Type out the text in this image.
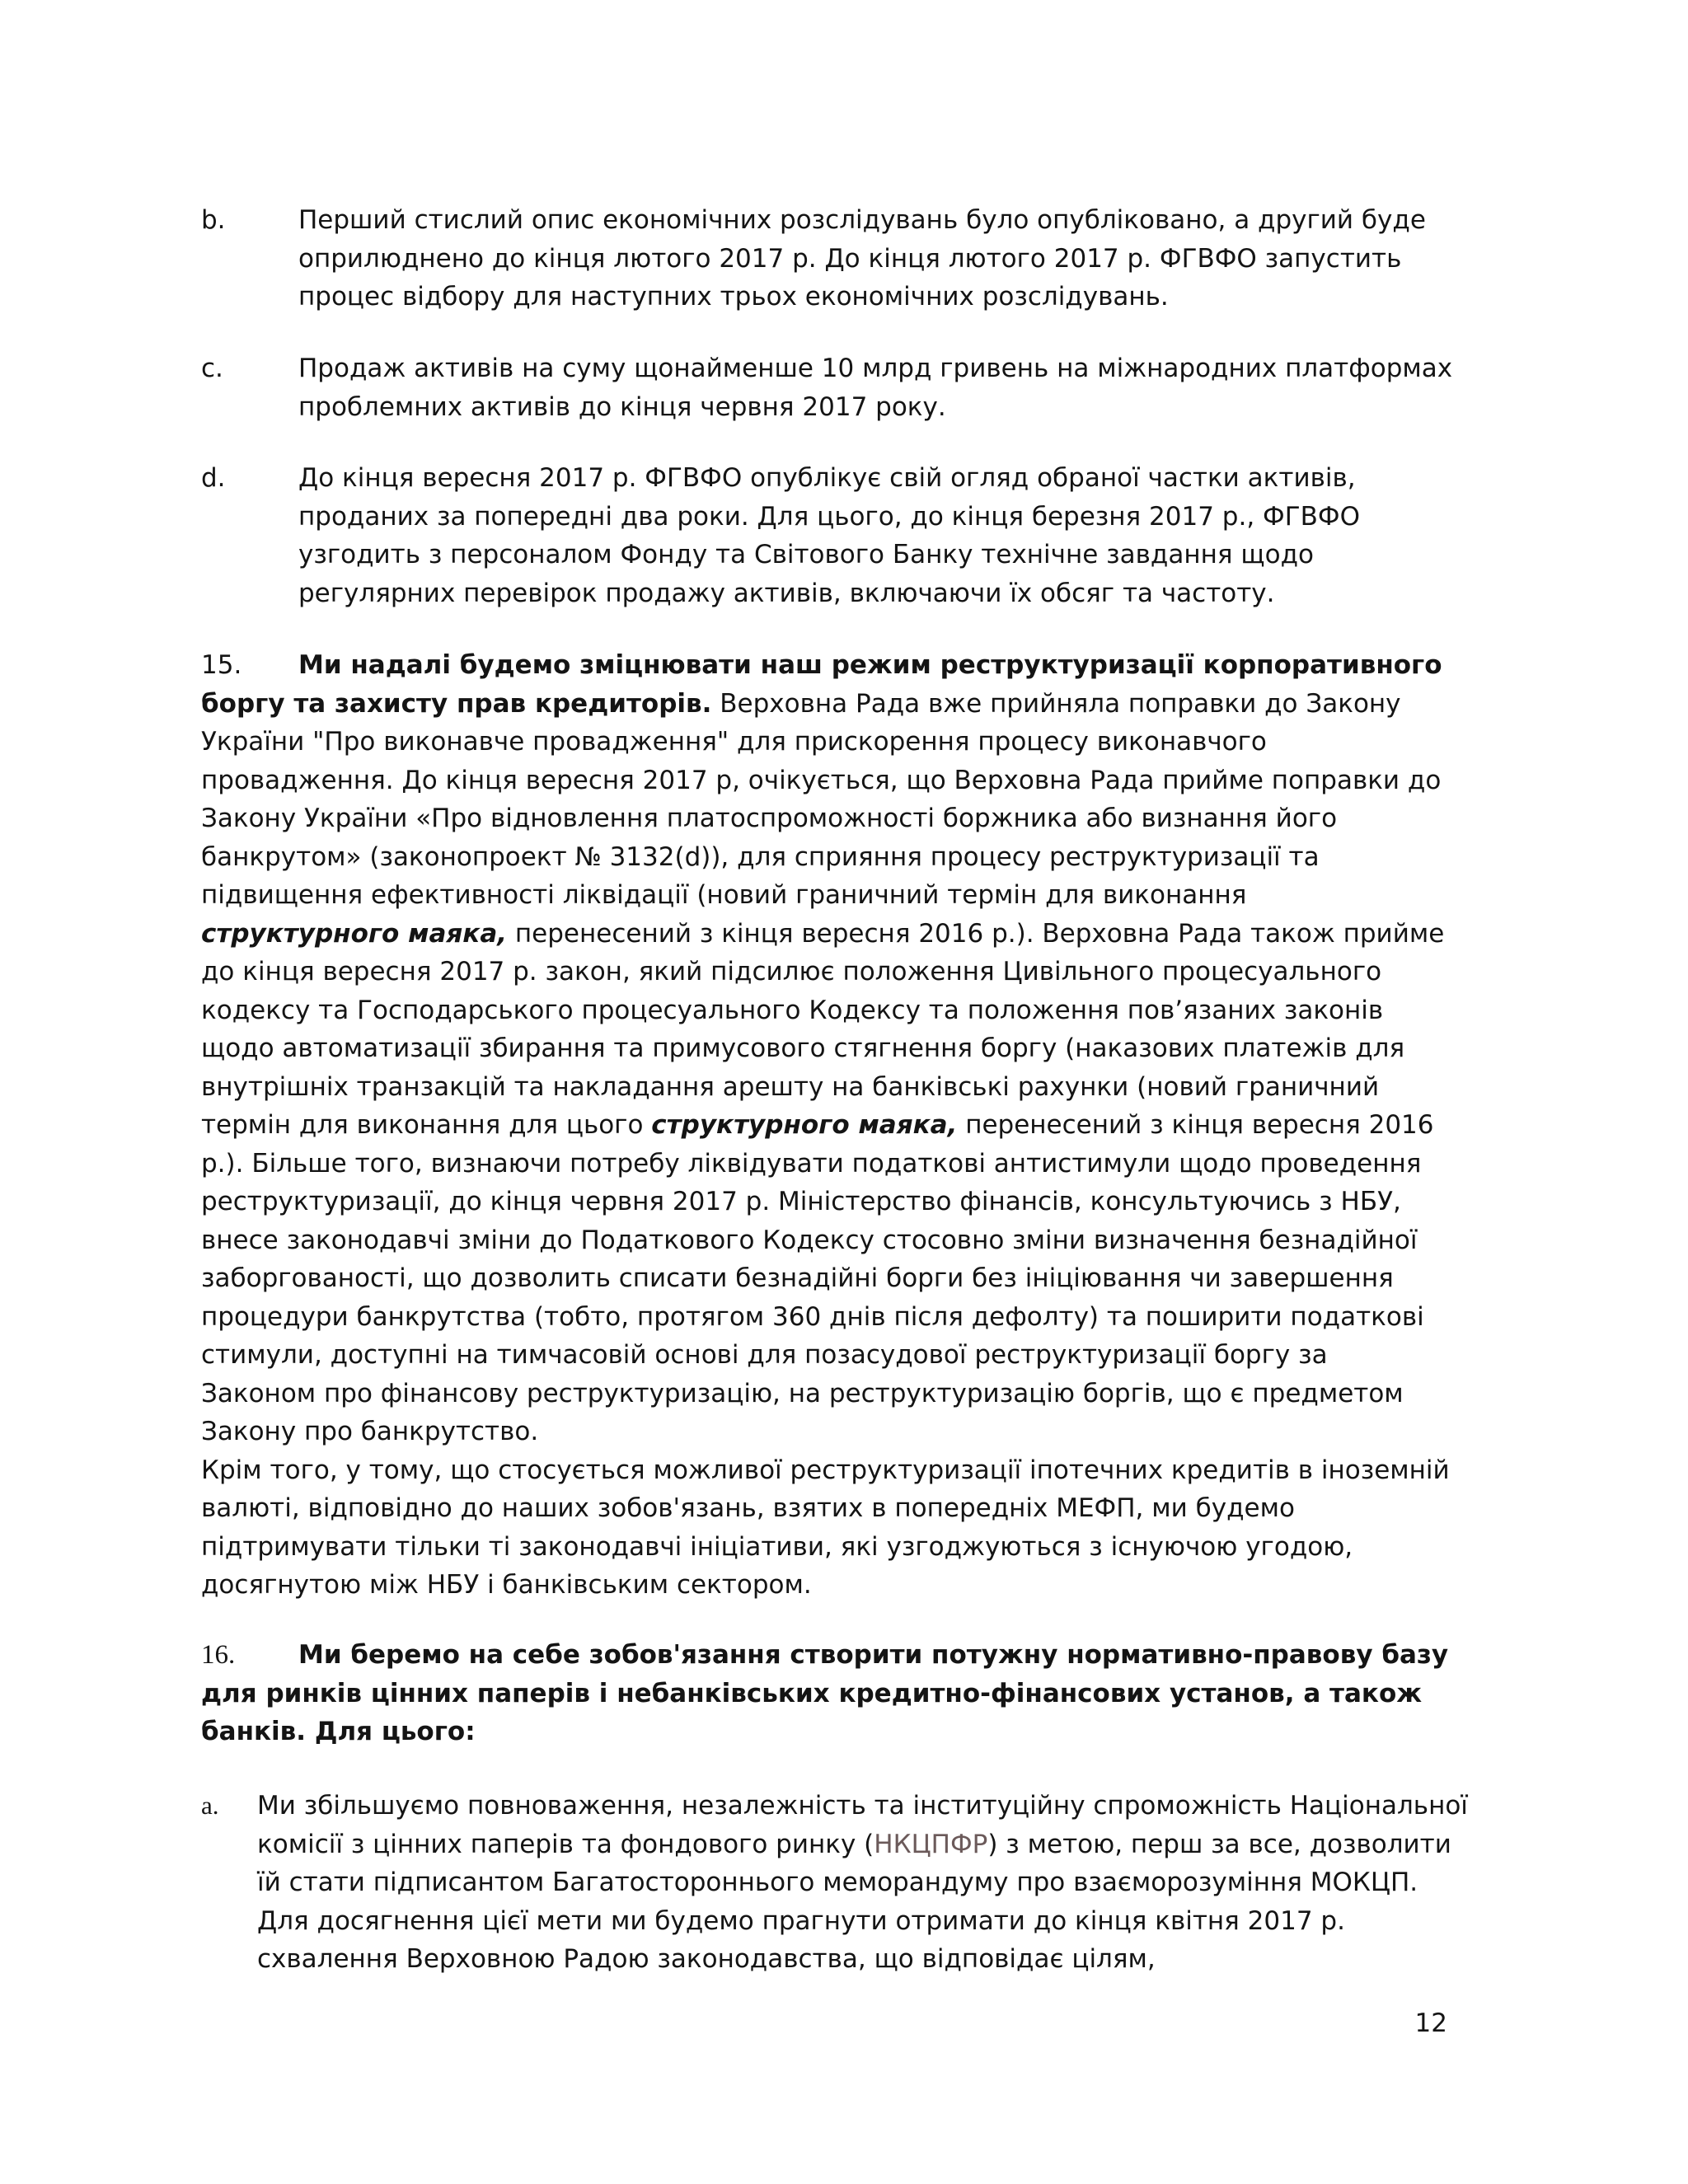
b.	Перший стислий опис економічних розслідувань було опубліковано, а другий буде оприлюднено до кінця лютого 2017 р. До кінця лютого 2017 р. ФГВФО запустить процес відбору для наступних трьох економічних розслідувань.
c.	Продаж активів на суму щонайменше 10 млрд гривень на міжнародних платформах проблемних активів до кінця червня 2017 року.
d.	До кінця вересня 2017 р. ФГВФО опублікує свій огляд обраної частки активів, проданих за попередні два роки. Для цього, до кінця березня 2017 р., ФГВФО узгодить з персоналом Фонду та Світового Банку технічне завдання щодо регулярних перевірок продажу активів, включаючи їх обсяг та частоту.

15. Ми надалі будемо зміцнювати наш режим реструктуризації корпоративного боргу та захисту прав кредиторів. Верховна Рада вже прийняла поправки до Закону України "Про виконавче провадження" для прискорення процесу виконавчого провадження. До кінця вересня 2017 р, очікується, що Верховна Рада прийме поправки до Закону України «Про відновлення платоспроможності боржника або визнання його банкрутом» (законопроект № 3132(d)), для сприяння процесу реструктуризації та підвищення ефективності ліквідації (новий граничний термін для виконання структурного маяка, перенесений з кінця вересня 2016 р.). Верховна Рада також прийме до кінця вересня 2017 р. закон, який підсилює положення Цивільного процесуального кодексу та Господарського процесуального Кодексу та положення пов’язаних законів щодо автоматизації збирання та примусового стягнення боргу (наказових платежів для внутрішніх транзакцій та накладання арешту на банківські рахунки (новий граничний термін для виконання для цього структурного маяка, перенесений з кінця вересня 2016 р.). Більше того, визнаючи потребу ліквідувати податкові антистимули щодо проведення реструктуризації, до кінця червня 2017 р. Міністерство фінансів, консультуючись з НБУ, внесе законодавчі зміни до Податкового Кодексу стосовно зміни визначення безнадійної заборгованості, що дозволить списати безнадійні борги без ініціювання чи завершення процедури банкрутства (тобто, протягом 360 днів після дефолту) та поширити податкові стимули, доступні на тимчасовій основі для позасудової реструктуризації боргу за Законом про фінансову реструктуризацію, на реструктуризацію боргів, що є предметом Закону про банкрутство.

Крім того, у тому, що стосується можливої реструктуризації іпотечних кредитів в іноземній валюті, відповідно до наших зобов'язань, взятих в попередніх МЕФП, ми будемо підтримувати тільки ті законодавчі ініціативи, які узгоджуються з існуючою угодою, досягнутою між НБУ і банківським сектором.

16. Ми беремо на себе зобов'язання створити потужну нормативно-правову базу для ринків цінних паперів і небанківських кредитно-фінансових установ, а також банків. Для цього:
a. Ми збільшуємо повноваження, незалежність та інституційну спроможність Національної комісії з цінних паперів та фондового ринку (НКЦПФР) з метою, перш за все, дозволити їй стати підписантом Багатостороннього меморандуму про взаєморозуміння МОКЦП. Для досягнення цієї мети ми будемо прагнути отримати до кінця квітня 2017 р. схвалення Верховною Радою законодавства, що відповідає цілям,
12
